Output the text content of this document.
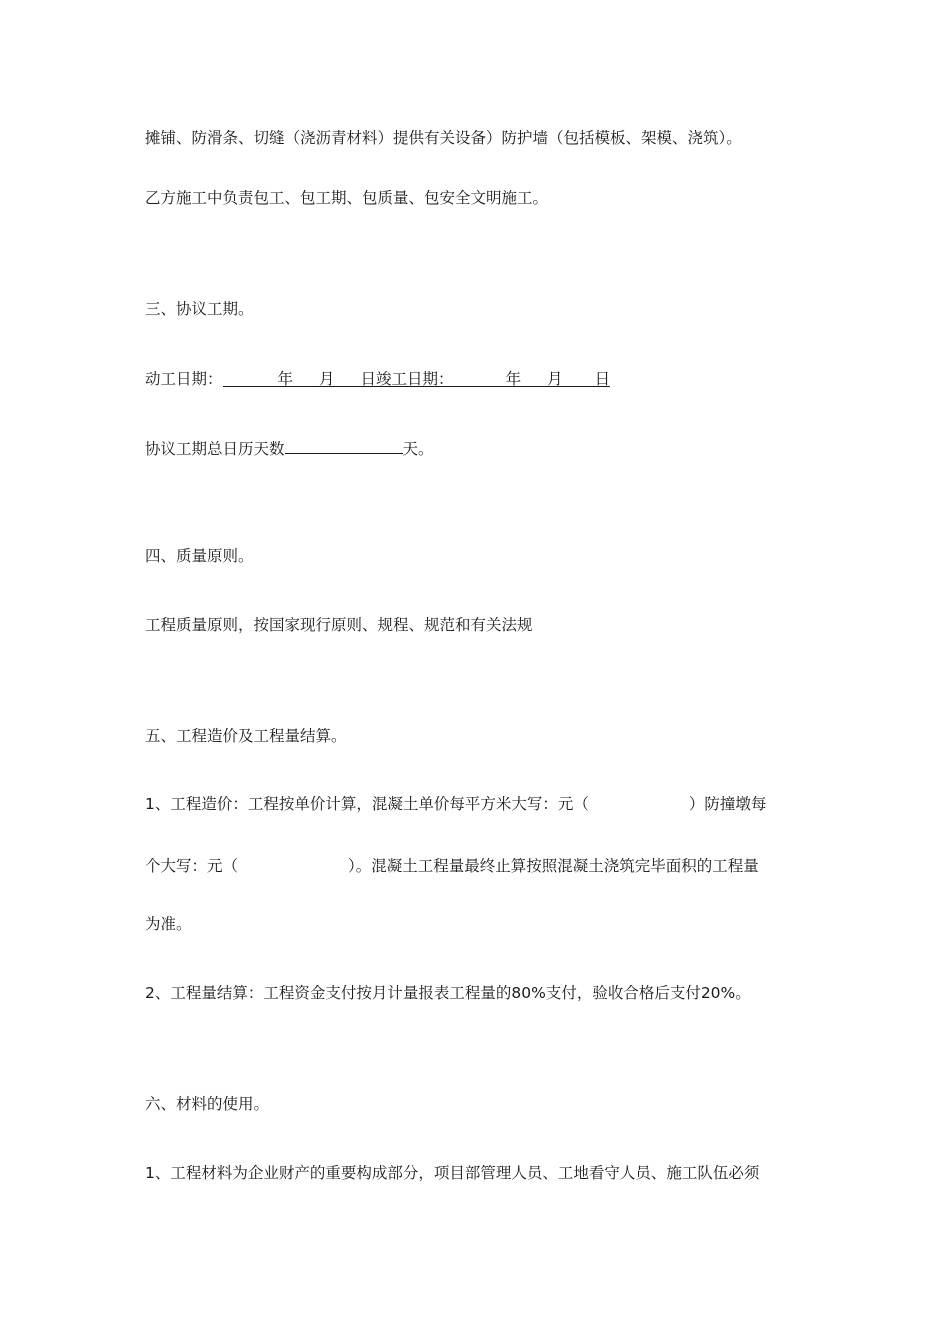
摊铺、防滑条、切缝（浇沥青材料）提供有关设备）防护墙（包括模板、架模、浇筑）。
乙方施工中负责包工、包工期、包质量、包安全文明施工。
三、协议工期。
动工日期：	年 月 日竣工日期：	年 月 日
协议工期总日历天数	天。
四、质量原则。
工程质量原则，按国家现行原则、规程、规范和有关法规
五、工程造价及工程量结算。
1、工程造价：工程按单价计算，混凝土单价每平方米大写：元（	）防撞墩每
个大写：元（	）。混凝土工程量最终止算按照混凝土浇筑完毕面积的工程量
为准。
2、工程量结算：工程资金支付按月计量报表工程量的80%支付，验收合格后支付20%。
六、材料的使用。
1、工程材料为企业财产的重要构成部分，项目部管理人员、工地看守人员、施工队伍必须
